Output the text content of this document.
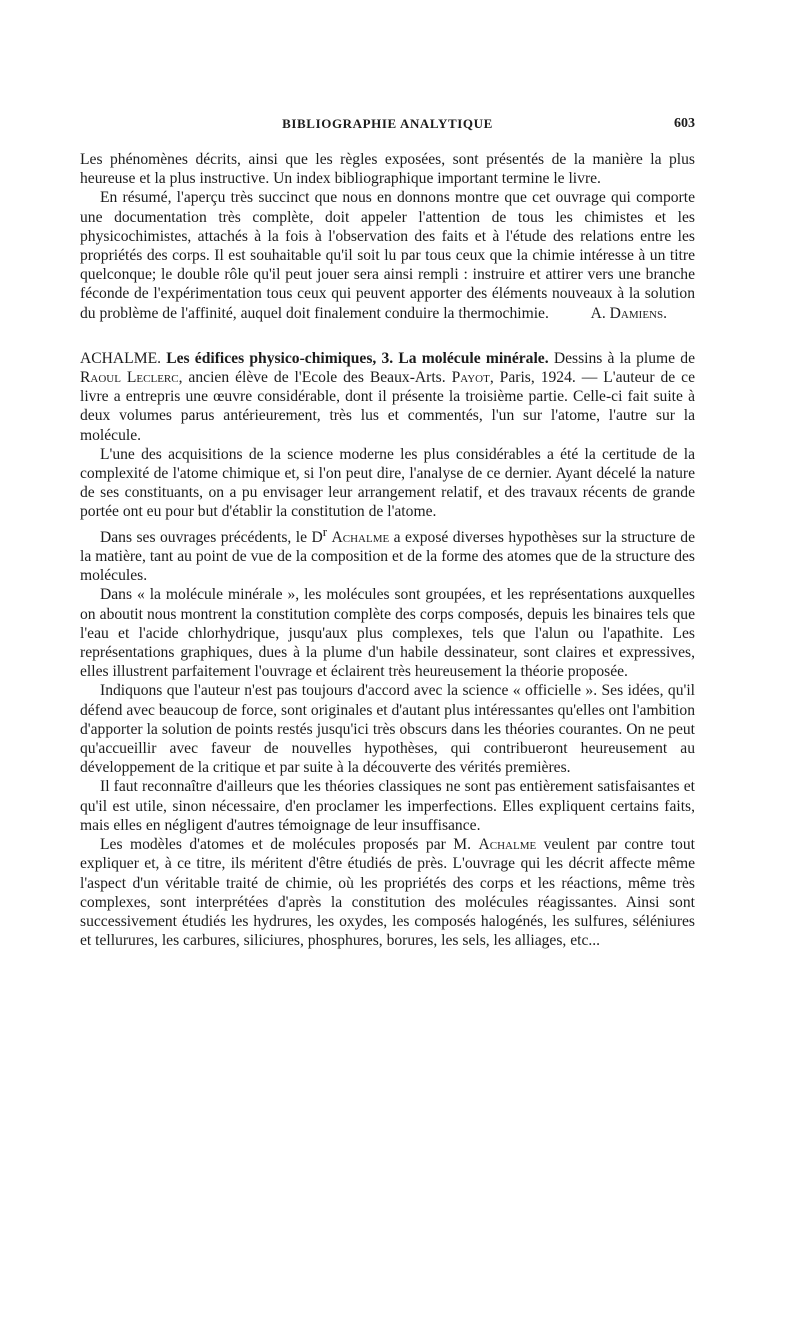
BIBLIOGRAPHIE ANALYTIQUE	603

Les phénomènes décrits, ainsi que les règles exposées, sont présentés de la manière la plus heureuse et la plus instructive. Un index bibliographique important termine le livre.

En résumé, l'aperçu très succinct que nous en donnons montre que cet ouvrage qui comporte une documentation très complète, doit appeler l'attention de tous les chimistes et les physicochimistes, attachés à la fois à l'observation des faits et à l'étude des relations entre les propriétés des corps. Il est souhaitable qu'il soit lu par tous ceux que la chimie intéresse à un titre quelconque; le double rôle qu'il peut jouer sera ainsi rempli : instruire et attirer vers une branche féconde de l'expérimentation tous ceux qui peuvent apporter des éléments nouveaux à la solution du problème de l'affinité, auquel doit finalement conduire la thermochimie.	A. Damiens.

ACHALME. Les édifices physico-chimiques, 3. La molécule minérale. Dessins à la plume de Raoul Leclerc, ancien élève de l'Ecole des Beaux-Arts. Payot, Paris, 1924. — L'auteur de ce livre a entrepris une œuvre considérable, dont il présente la troisième partie. Celle-ci fait suite à deux volumes parus antérieurement, très lus et commentés, l'un sur l'atome, l'autre sur la molécule.

L'une des acquisitions de la science moderne les plus considérables a été la certitude de la complexité de l'atome chimique et, si l'on peut dire, l'analyse de ce dernier. Ayant décelé la nature de ses constituants, on a pu envisager leur arrangement relatif, et des travaux récents de grande portée ont eu pour but d'établir la constitution de l'atome.

Dans ses ouvrages précédents, le $D^r$ Achalme a exposé diverses hypothèses sur la structure de la matière, tant au point de vue de la composition et de la forme des atomes que de la structure des molécules.

Dans « la molécule minérale », les molécules sont groupées, et les représentations auxquelles on aboutit nous montrent la constitution complète des corps composés, depuis les binaires tels que l'eau et l'acide chlorhydrique, jusqu'aux plus complexes, tels que l'alun ou l'apathite. Les représentations graphiques, dues à la plume d'un habile dessinateur, sont claires et expressives, elles illustrent parfaitement l'ouvrage et éclairent très heureusement la théorie proposée.

Indiquons que l'auteur n'est pas toujours d'accord avec la science « officielle ». Ses idées, qu'il défend avec beaucoup de force, sont originales et d'autant plus intéressantes qu'elles ont l'ambition d'apporter la solution de points restés jusqu'ici très obscurs dans les théories courantes. On ne peut qu'accueillir avec faveur de nouvelles hypothèses, qui contribueront heureusement au développement de la critique et par suite à la découverte des vérités premières.

Il faut reconnaître d'ailleurs que les théories classiques ne sont pas entièrement satisfaisantes et qu'il est utile, sinon nécessaire, d'en proclamer les imperfections. Elles expliquent certains faits, mais elles en négligent d'autres témoignage de leur insuffisance.

Les modèles d'atomes et de molécules proposés par M. Achalme veulent par contre tout expliquer et, à ce titre, ils méritent d'être étudiés de près. L'ouvrage qui les décrit affecte même l'aspect d'un véritable traité de chimie, où les propriétés des corps et les réactions, même très complexes, sont interprétées d'après la constitution des molécules réagissantes. Ainsi sont successivement étudiés les hydrures, les oxydes, les composés halogénés, les sulfures, séléniures et tellurures, les carbures, siliciures, phosphures, borures, les sels, les alliages, etc...
